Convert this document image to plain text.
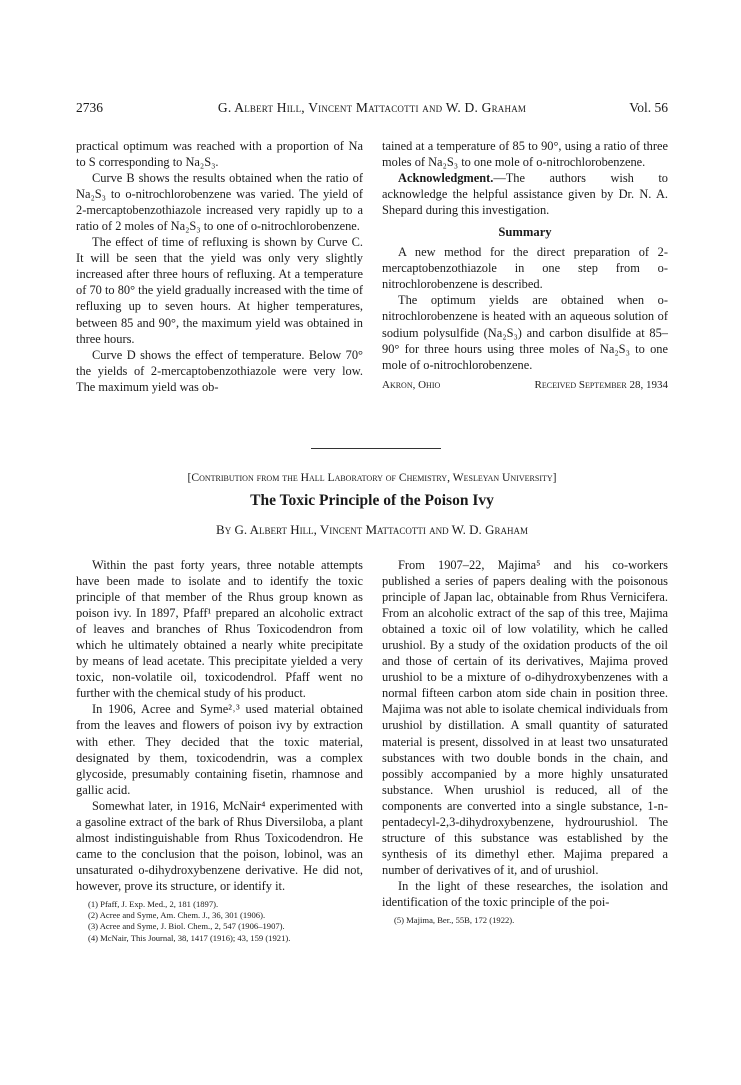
2736	G. Albert Hill, Vincent Mattacotti and W. D. Graham	Vol. 56

practical optimum was reached with a proportion of Na to S corresponding to Na₂S₃.

Curve B shows the results obtained when the ratio of Na₂S₃ to o-nitrochlorobenzene was varied. The yield of 2-mercaptobenzothiazole increased very rapidly up to a ratio of 2 moles of Na₂S₃ to one of o-nitrochlorobenzene.

The effect of time of refluxing is shown by Curve C. It will be seen that the yield was only very slightly increased after three hours of refluxing. At a temperature of 70 to 80° the yield gradually increased with the time of refluxing up to seven hours. At higher temperatures, between 85 and 90°, the maximum yield was obtained in three hours.

Curve D shows the effect of temperature. Below 70° the yields of 2-mercaptobenzothiazole were very low. The maximum yield was ob-

tained at a temperature of 85 to 90°, using a ratio of three moles of Na₂S₃ to one mole of o-nitrochlorobenzene.

Acknowledgment.—The authors wish to acknowledge the helpful assistance given by Dr. N. A. Shepard during this investigation.

Summary

A new method for the direct preparation of 2-mercaptobenzothiazole in one step from o-nitrochlorobenzene is described.

The optimum yields are obtained when o-nitrochlorobenzene is heated with an aqueous solution of sodium polysulfide (Na₂S₃) and carbon disulfide at 85–90° for three hours using three moles of Na₂S₃ to one mole of o-nitrochlorobenzene.

Akron, Ohio	Received September 28, 1934
[Contribution from the Hall Laboratory of Chemistry, Wesleyan University]
The Toxic Principle of the Poison Ivy
By G. Albert Hill, Vincent Mattacotti and W. D. Graham

Within the past forty years, three notable attempts have been made to isolate and to identify the toxic principle of that member of the Rhus group known as poison ivy. In 1897, Pfaff¹ prepared an alcoholic extract of leaves and branches of Rhus Toxicodendron from which he ultimately obtained a nearly white precipitate by means of lead acetate. This precipitate yielded a very toxic, non-volatile oil, toxicodendrol. Pfaff went no further with the chemical study of his product.

In 1906, Acree and Syme²˒³ used material obtained from the leaves and flowers of poison ivy by extraction with ether. They decided that the toxic material, designated by them, toxicodendrin, was a complex glycoside, presumably containing fisetin, rhamnose and gallic acid.

Somewhat later, in 1916, McNair⁴ experimented with a gasoline extract of the bark of Rhus Diversiloba, a plant almost indistinguishable from Rhus Toxicodendron. He came to the conclusion that the poison, lobinol, was an unsaturated o-dihydroxybenzene derivative. He did not, however, prove its structure, or identify it.

(1) Pfaff, J. Exp. Med., 2, 181 (1897).
(2) Acree and Syme, Am. Chem. J., 36, 301 (1906).
(3) Acree and Syme, J. Biol. Chem., 2, 547 (1906–1907).
(4) McNair, This Journal, 38, 1417 (1916); 43, 159 (1921).

From 1907–22, Majima⁵ and his co-workers published a series of papers dealing with the poisonous principle of Japan lac, obtainable from Rhus Vernicifera. From an alcoholic extract of the sap of this tree, Majima obtained a toxic oil of low volatility, which he called urushiol. By a study of the oxidation products of the oil and those of certain of its derivatives, Majima proved urushiol to be a mixture of o-dihydroxybenzenes with a normal fifteen carbon atom side chain in position three. Majima was not able to isolate chemical individuals from urushiol by distillation. A small quantity of saturated material is present, dissolved in at least two unsaturated substances with two double bonds in the chain, and possibly accompanied by a more highly unsaturated substance. When urushiol is reduced, all of the components are converted into a single substance, 1-n-pentadecyl-2,3-dihydroxybenzene, hydrourushiol. The structure of this substance was established by the synthesis of its dimethyl ether. Majima prepared a number of derivatives of it, and of urushiol.

In the light of these researches, the isolation and identification of the toxic principle of the poi-

(5) Majima, Ber., 55B, 172 (1922).
